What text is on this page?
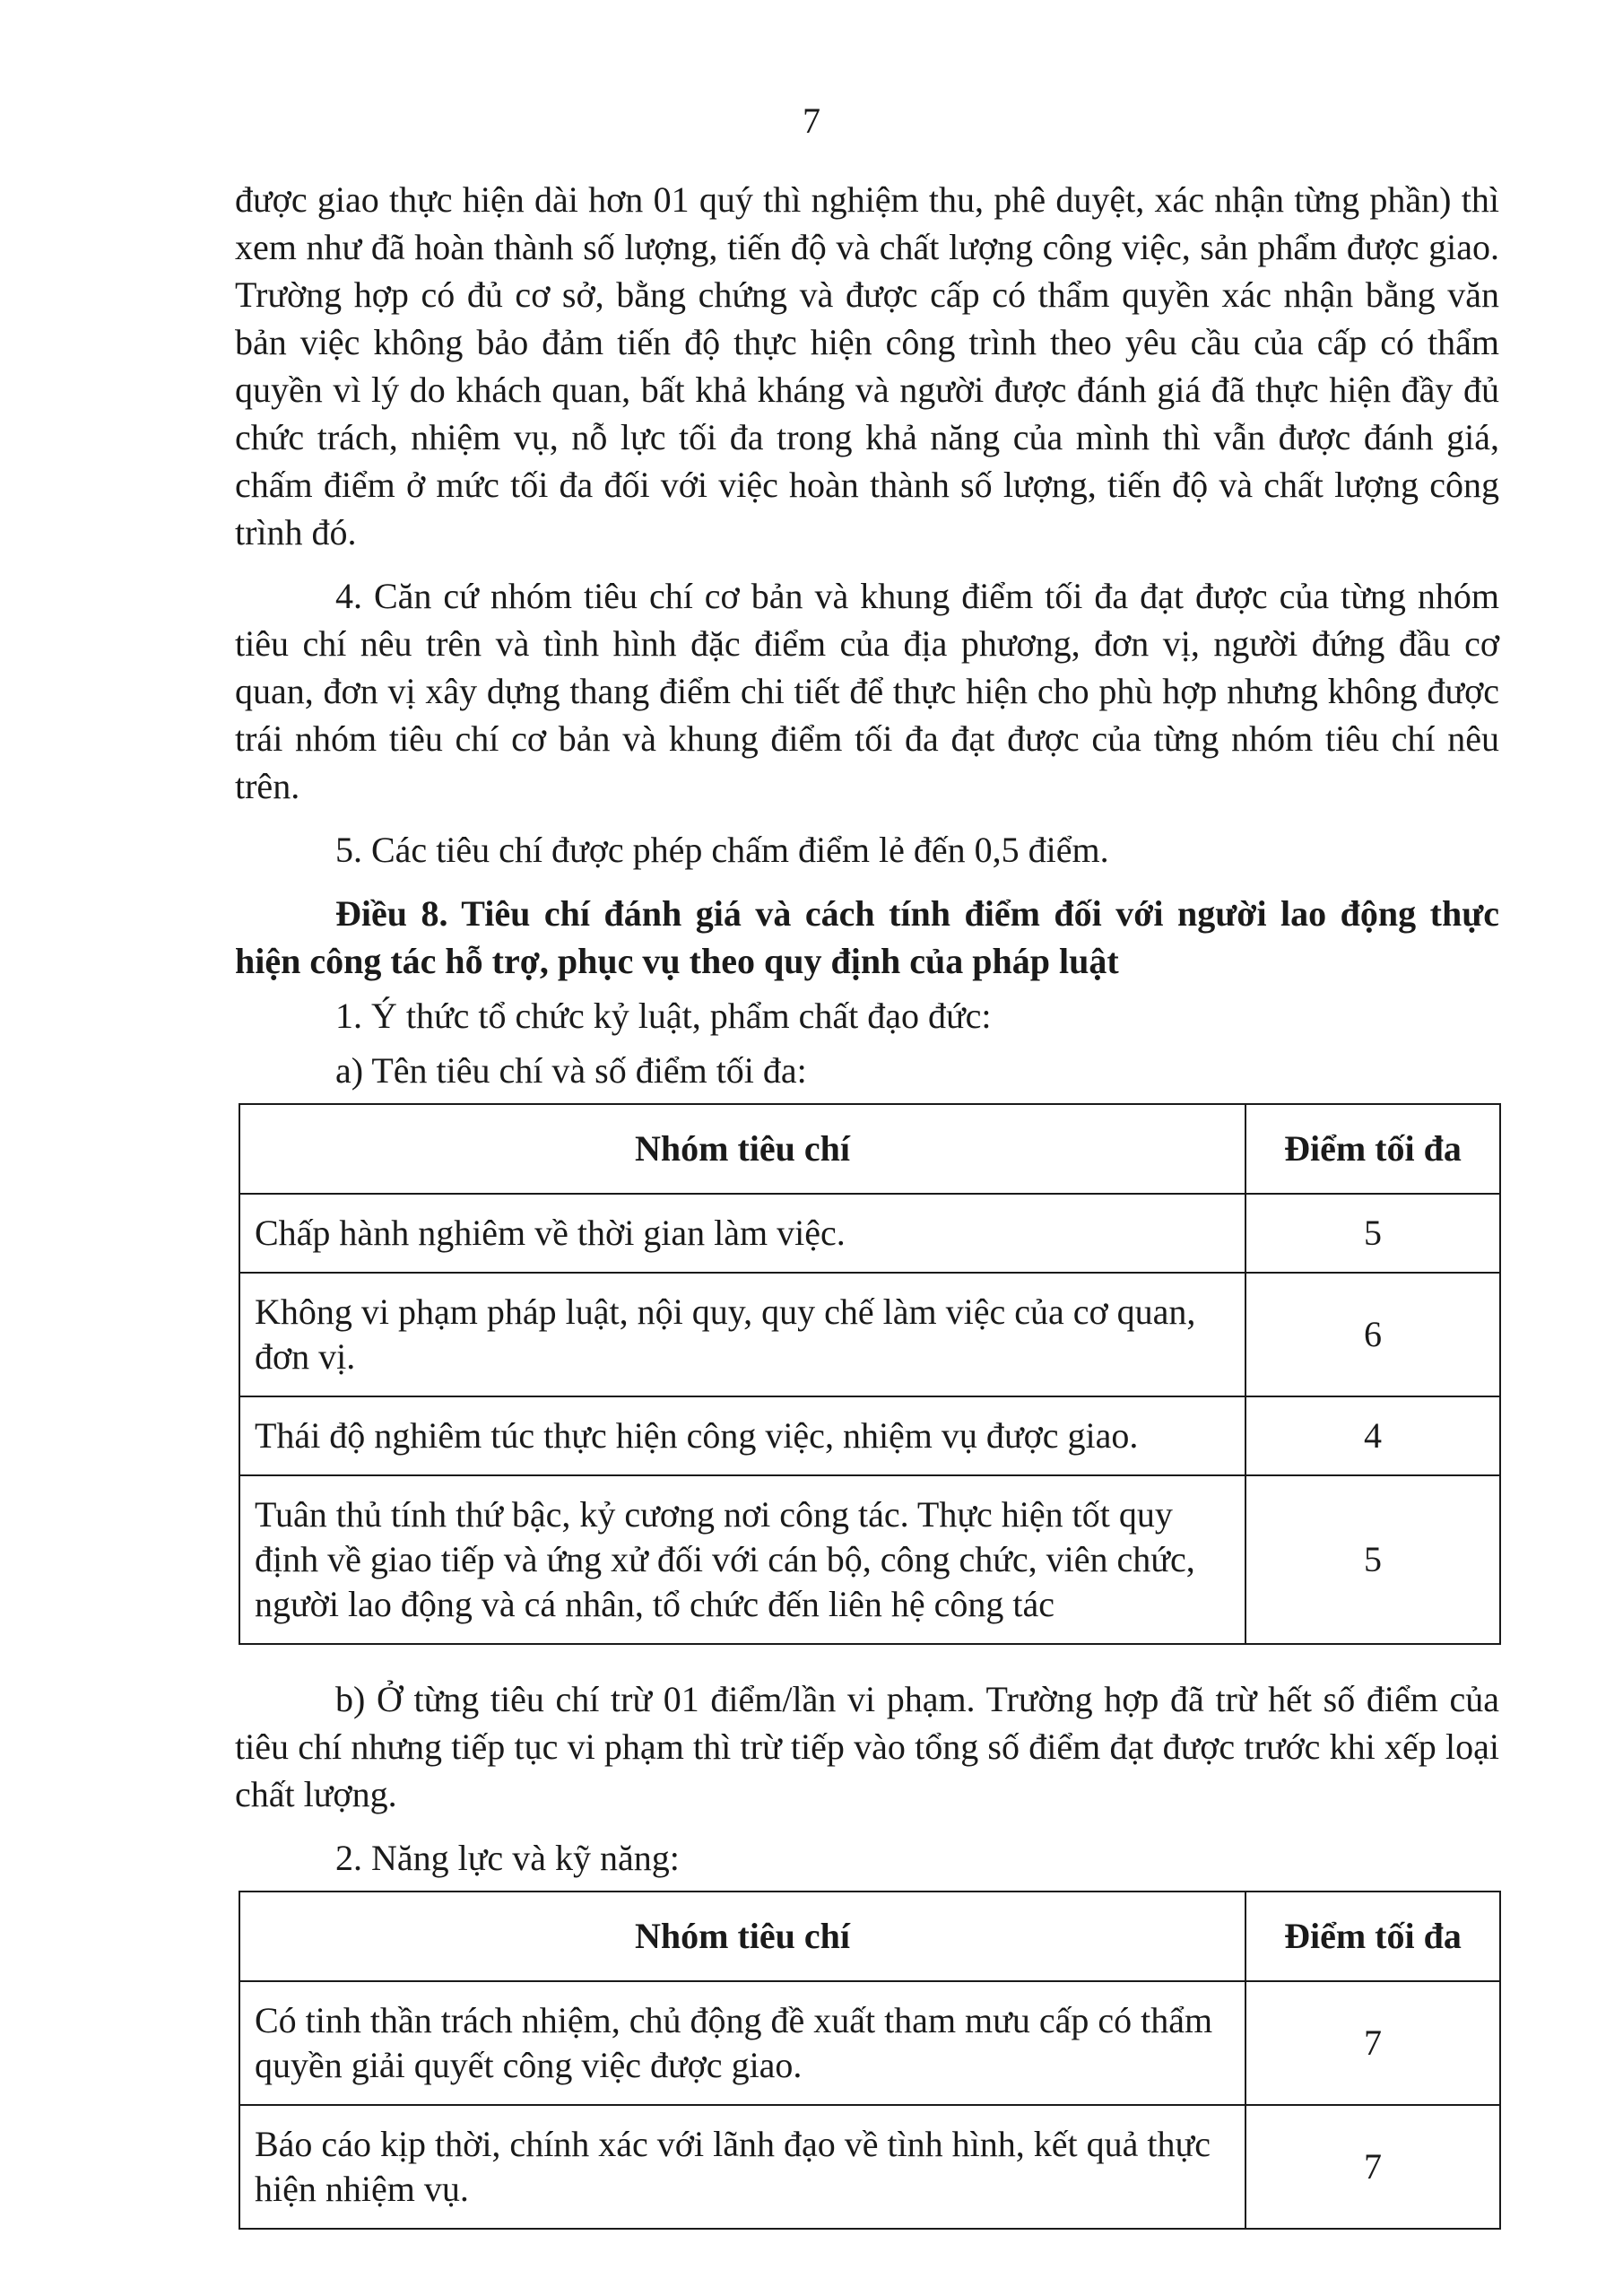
7

được giao thực hiện dài hơn 01 quý thì nghiệm thu, phê duyệt, xác nhận từng phần) thì xem như đã hoàn thành số lượng, tiến độ và chất lượng công việc, sản phẩm được giao. Trường hợp có đủ cơ sở, bằng chứng và được cấp có thẩm quyền xác nhận bằng văn bản việc không bảo đảm tiến độ thực hiện công trình theo yêu cầu của cấp có thẩm quyền vì lý do khách quan, bất khả kháng và người được đánh giá đã thực hiện đầy đủ chức trách, nhiệm vụ, nỗ lực tối đa trong khả năng của mình thì vẫn được đánh giá, chấm điểm ở mức tối đa đối với việc hoàn thành số lượng, tiến độ và chất lượng công trình đó.

4. Căn cứ nhóm tiêu chí cơ bản và khung điểm tối đa đạt được của từng nhóm tiêu chí nêu trên và tình hình đặc điểm của địa phương, đơn vị, người đứng đầu cơ quan, đơn vị xây dựng thang điểm chi tiết để thực hiện cho phù hợp nhưng không được trái nhóm tiêu chí cơ bản và khung điểm tối đa đạt được của từng nhóm tiêu chí nêu trên.

5. Các tiêu chí được phép chấm điểm lẻ đến 0,5 điểm.

Điều 8. Tiêu chí đánh giá và cách tính điểm đối với người lao động thực hiện công tác hỗ trợ, phục vụ theo quy định của pháp luật

1. Ý thức tổ chức kỷ luật, phẩm chất đạo đức:

a) Tên tiêu chí và số điểm tối đa:

Nhóm tiêu chí	Điểm tối đa
Chấp hành nghiêm về thời gian làm việc.	5
Không vi phạm pháp luật, nội quy, quy chế làm việc của cơ quan, đơn vị.	6
Thái độ nghiêm túc thực hiện công việc, nhiệm vụ được giao.	4
Tuân thủ tính thứ bậc, kỷ cương nơi công tác. Thực hiện tốt quy định về giao tiếp và ứng xử đối với cán bộ, công chức, viên chức, người lao động và cá nhân, tổ chức đến liên hệ công tác	5

b) Ở từng tiêu chí trừ 01 điểm/lần vi phạm. Trường hợp đã trừ hết số điểm của tiêu chí nhưng tiếp tục vi phạm thì trừ tiếp vào tổng số điểm đạt được trước khi xếp loại chất lượng.

2. Năng lực và kỹ năng:

Nhóm tiêu chí	Điểm tối đa
Có tinh thần trách nhiệm, chủ động đề xuất tham mưu cấp có thẩm quyền giải quyết công việc được giao.	7
Báo cáo kịp thời, chính xác với lãnh đạo về tình hình, kết quả thực hiện nhiệm vụ.	7
